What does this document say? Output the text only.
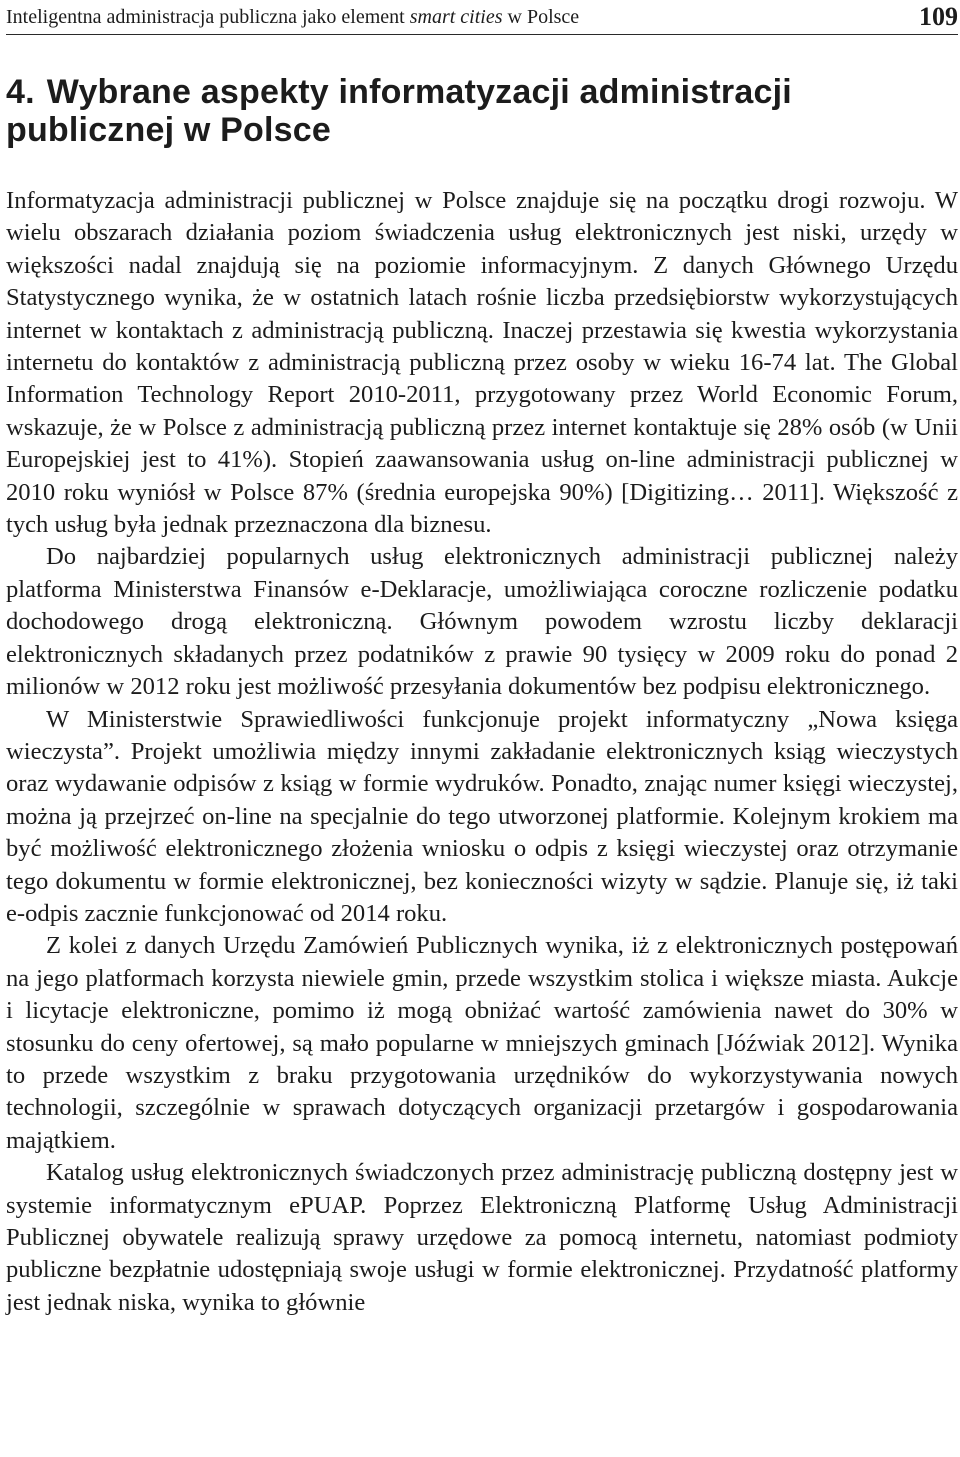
Inteligentna administracja publiczna jako element smart cities w Polsce	109
4. Wybrane aspekty informatyzacji administracji publicznej w Polsce

Informatyzacja administracji publicznej w Polsce znajduje się na początku drogi rozwoju. W wielu obszarach działania poziom świadczenia usług elektronicznych jest niski, urzędy w większości nadal znajdują się na poziomie informacyjnym. Z danych Głównego Urzędu Statystycznego wynika, że w ostatnich latach rośnie liczba przedsiębiorstw wykorzystujących internet w kontaktach z administracją publiczną. Inaczej przestawia się kwestia wykorzystania internetu do kontaktów z administracją publiczną przez osoby w wieku 16-74 lat. The Global Information Technology Report 2010-2011, przygotowany przez World Economic Forum, wskazuje, że w Polsce z administracją publiczną przez internet kontaktuje się 28% osób (w Unii Europejskiej jest to 41%). Stopień zaawansowania usług on-line administracji publicznej w 2010 roku wyniósł w Polsce 87% (średnia europejska 90%) [Digitizing… 2011]. Większość z tych usług była jednak przeznaczona dla biznesu.

Do najbardziej popularnych usług elektronicznych administracji publicznej należy platforma Ministerstwa Finansów e-Deklaracje, umożliwiająca coroczne rozliczenie podatku dochodowego drogą elektroniczną. Głównym powodem wzrostu liczby deklaracji elektronicznych składanych przez podatników z prawie 90 tysięcy w 2009 roku do ponad 2 milionów w 2012 roku jest możliwość przesyłania dokumentów bez podpisu elektronicznego.

W Ministerstwie Sprawiedliwości funkcjonuje projekt informatyczny „Nowa księga wieczysta”. Projekt umożliwia między innymi zakładanie elektronicznych ksiąg wieczystych oraz wydawanie odpisów z ksiąg w formie wydruków. Ponadto, znając numer księgi wieczystej, można ją przejrzeć on-line na specjalnie do tego utworzonej platformie. Kolejnym krokiem ma być możliwość elektronicznego złożenia wniosku o odpis z księgi wieczystej oraz otrzymanie tego dokumentu w formie elektronicznej, bez konieczności wizyty w sądzie. Planuje się, iż taki e-odpis zacznie funkcjonować od 2014 roku.

Z kolei z danych Urzędu Zamówień Publicznych wynika, iż z elektronicznych postępowań na jego platformach korzysta niewiele gmin, przede wszystkim stolica i większe miasta. Aukcje i licytacje elektroniczne, pomimo iż mogą obniżać wartość zamówienia nawet do 30% w stosunku do ceny ofertowej, są mało popularne w mniejszych gminach [Jóźwiak 2012]. Wynika to przede wszystkim z braku przygotowania urzędników do wykorzystywania nowych technologii, szczególnie w sprawach dotyczących organizacji przetargów i gospodarowania majątkiem.

Katalog usług elektronicznych świadczonych przez administrację publiczną dostępny jest w systemie informatycznym ePUAP. Poprzez Elektroniczną Platformę Usług Administracji Publicznej obywatele realizują sprawy urzędowe za pomocą internetu, natomiast podmioty publiczne bezpłatnie udostępniają swoje usługi w formie elektronicznej. Przydatność platformy jest jednak niska, wynika to głównie
